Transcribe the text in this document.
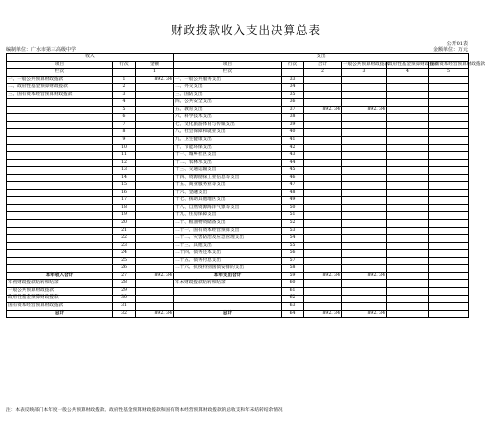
财政拨款收入支出决算总表
公开01表
编制单位：广水市第三高级中学	金额单位：万元
收入			支出					
项目	行次	金额	项目	行次	合计	一般公共预算财政拨款	政府性基金预算财政拨款	国有资本经营预算财政拨款
栏次		1	栏次		2	3	4	5
一、一般公共预算财政拨款	1	892. 34	一、一般公共服务支出	33				
二、政府性基金预算财政拨款	2		二、外交支出	34				
三、国有资本经营预算财政拨款	3		三、国防支出	35				
	4		四、公共安全支出	36				
	5		五、教育支出	37	892. 34	892. 34		
	6		六、科学技术支出	38				
	7		七、文化旅游体育与传媒支出	39				
	8		八、社会保障和就业支出	40				
	9		九、卫生健康支出	41				
	10		十、节能环保支出	42				
	11		十一、城乡社区支出	43				
	12		十二、农林水支出	44				
	13		十三、交通运输支出	45				
	14		十四、资源勘探工业信息等支出	46				
	15		十五、商业服务业等支出	47				
	16		十六、金融支出	48				
	17		十七、援助其他地区支出	49				
	18		十八、自然资源海洋气象等支出	50				
	19		十九、住房保障支出	51				
	20		二十、粮油物资储备支出	52				
	21		二十一、国有资本经营预算支出	53				
	22		二十二、灾害防治及应急管理支出	54				
	23		二十三、其他支出	55				
	24		二十四、债务还本支出	56				
	25		二十五、债务付息支出	57				
	26		二十六、抗疫特别国债安排的支出	58				
本年收入合计	27	892. 34	本年支出合计	59	892. 34	892. 34		
年初财政拨款结转和结余	28		年末财政拨款结转和结余	60				
一般公共预算财政拨款	29			61				
政府性基金预算财政拨款	30			62				
国有资本经营预算财政拨款	31			63				
总计	32	892. 34	总计	64	892. 34	892. 34		
注：本表反映部门本年度一般公共预算财政拨款、政府性基金预算财政拨款和国有资本经营预算财政拨款的总收支和年末结转结余情况
